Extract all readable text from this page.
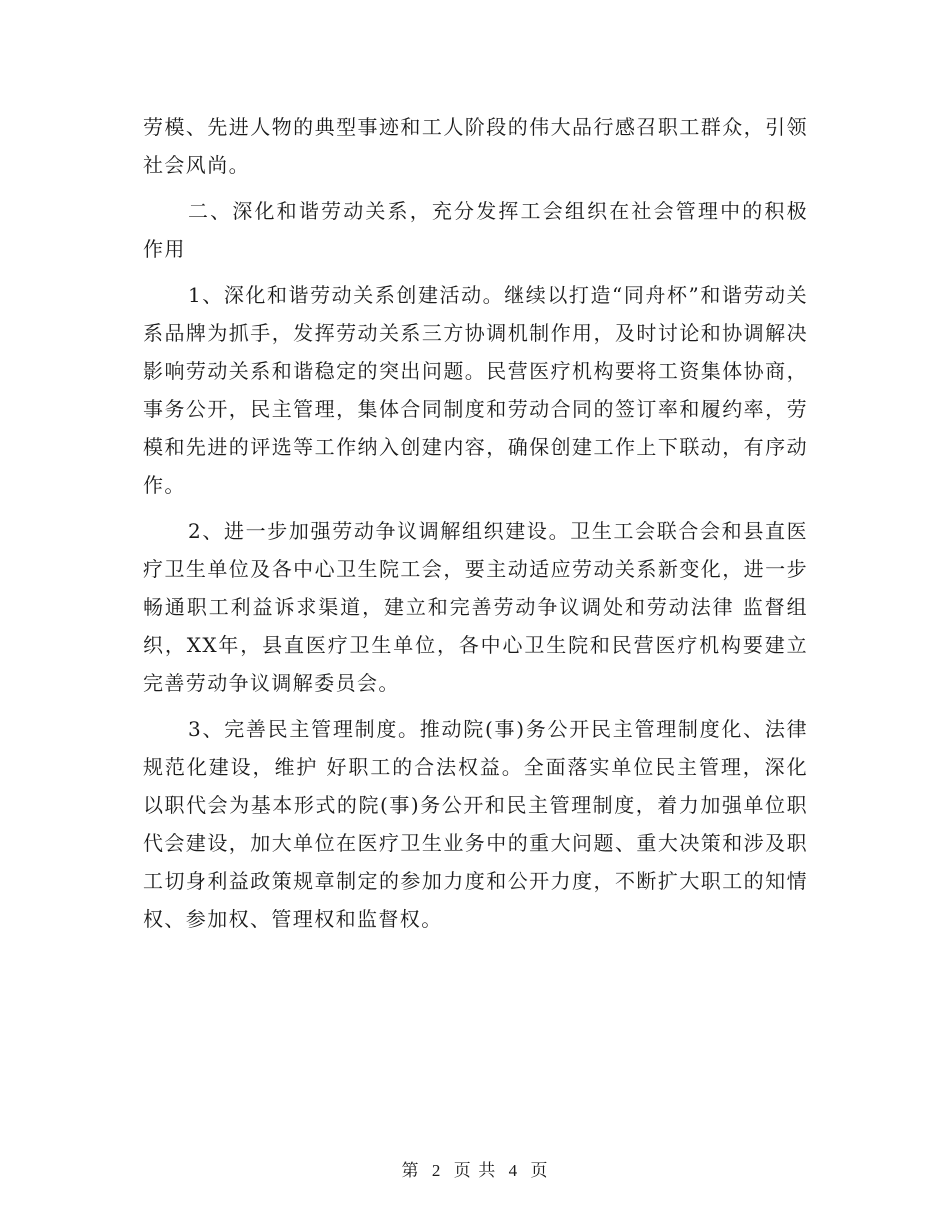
劳模、先进人物的典型事迹和工人阶段的伟大品行感召职工群众，引领社会风尚。

二、深化和谐劳动关系，充分发挥工会组织在社会管理中的积极作用

1、深化和谐劳动关系创建活动。继续以打造“同舟杯”和谐劳动关系品牌为抓手，发挥劳动关系三方协调机制作用，及时讨论和协调解决影响劳动关系和谐稳定的突出问题。民营医疗机构要将工资集体协商，事务公开，民主管理，集体合同制度和劳动合同的签订率和履约率，劳模和先进的评选等工作纳入创建内容，确保创建工作上下联动，有序动作。

2、进一步加强劳动争议调解组织建设。卫生工会联合会和县直医疗卫生单位及各中心卫生院工会，要主动适应劳动关系新变化，进一步畅通职工利益诉求渠道，建立和完善劳动争议调处和劳动法律 监督组织，XX年，县直医疗卫生单位，各中心卫生院和民营医疗机构要建立完善劳动争议调解委员会。

3、完善民主管理制度。推动院(事)务公开民主管理制度化、法律规范化建设，维护 好职工的合法权益。全面落实单位民主管理，深化以职代会为基本形式的院(事)务公开和民主管理制度，着力加强单位职代会建设，加大单位在医疗卫生业务中的重大问题、重大决策和涉及职工切身利益政策规章制定的参加力度和公开力度，不断扩大职工的知情权、参加权、管理权和监督权。

第 2 页 共 4 页
